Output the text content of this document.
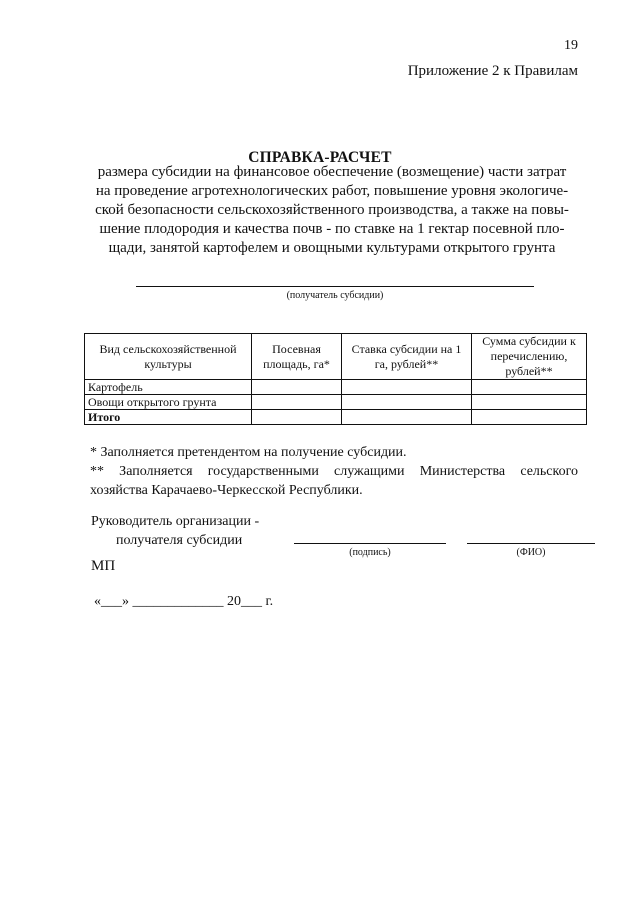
19
Приложение 2 к Правилам
СПРАВКА-РАСЧЕТ
размера субсидии на финансовое обеспечение (возмещение) части затрат
на проведение агротехнологических работ, повышение уровня экологиче-
ской безопасности сельскохозяйственного производства, а также на повы-
шение плодородия и качества почв - по ставке на 1 гектар посевной пло-
щади, занятой картофелем и овощными культурами открытого грунта
(получатель субсидии)
Вид сельскохозяйственной культуры	Посевная площадь, га*	Ставка субсидии на 1 га, рублей**	Сумма субсидии к перечислению, рублей**
Картофель			
Овощи открытого грунта			
Итого			

* Заполняется претендентом на получение субсидии.

** Заполняется государственными служащими Министерства сельского хозяйства Карачаево-Черкесской Республики.

Руководитель организации -
получателя субсидии
(подпись)	(ФИО)
МП
«___» _____________ 20___ г.
